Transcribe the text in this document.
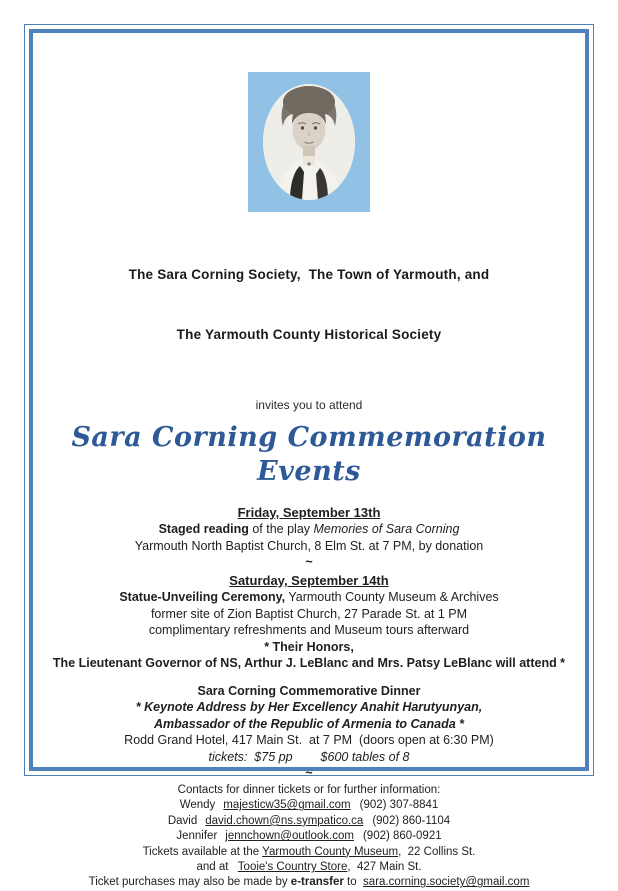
The Sara Corning Society,  The Town of Yarmouth, and

The Yarmouth County Historical Society

invites you to attend
Sara Corning Commemoration Events
Friday, September 13th
Staged reading of the play Memories of Sara Corning
Yarmouth North Baptist Church, 8 Elm St. at 7 PM, by donation
~
Saturday, September 14th
Statue-Unveiling Ceremony, Yarmouth County Museum & Archives
former site of Zion Baptist Church, 27 Parade St. at 1 PM
complimentary refreshments and Museum tours afterward
* Their Honors,
The Lieutenant Governor of NS, Arthur J. LeBlanc and Mrs. Patsy LeBlanc will attend *
Sara Corning Commemorative Dinner
* Keynote Address by Her Excellency Anahit Harutyunyan,
Ambassador of the Republic of Armenia to Canada *
Rodd Grand Hotel, 417 Main St.  at 7 PM  (doors open at 6:30 PM)
tickets:  $75 pp $600 tables of 8
~
Contacts for dinner tickets or for further information:
Wendy majesticw35@gmail.com (902) 307-8841
David david.chown@ns.sympatico.ca (902) 860-1104
Jennifer jennchown@outlook.com (902) 860-0921
Tickets available at the Yarmouth County Museum,  22 Collins St.
and at   Tooie's Country Store,  427 Main St.
Ticket purchases may also be made by e-transfer to  sara.corning.society@gmail.com
